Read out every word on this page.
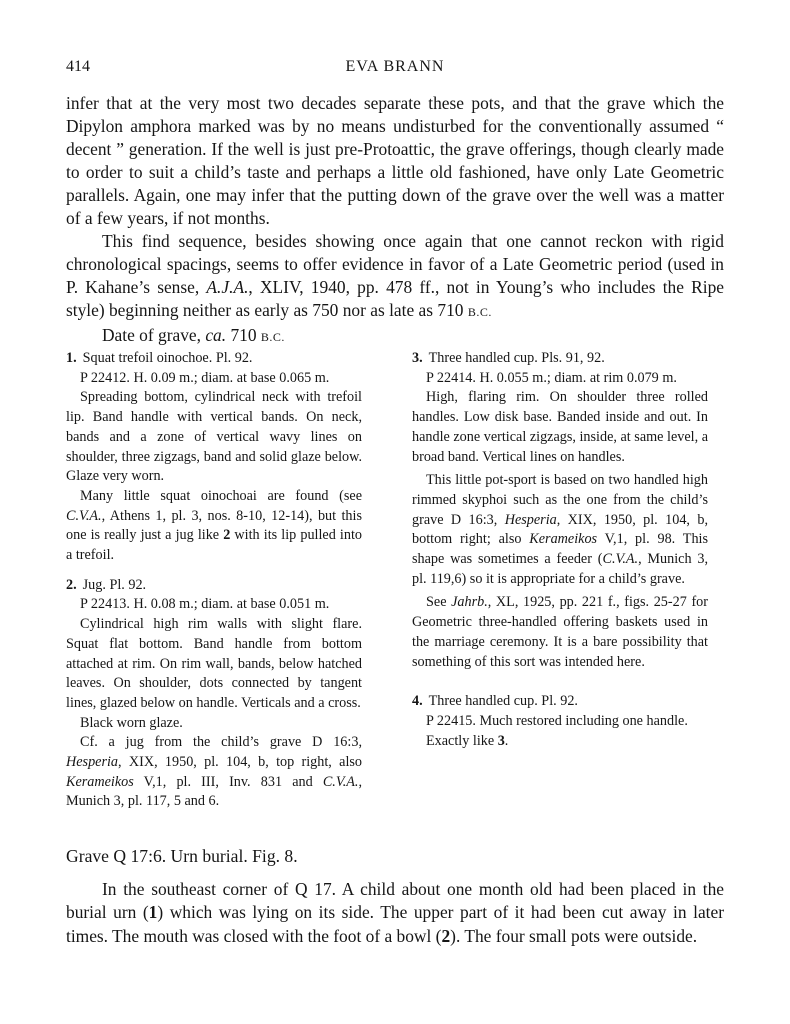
414	EVA BRANN

infer that at the very most two decades separate these pots, and that the grave which the Dipylon amphora marked was by no means undisturbed for the conventionally assumed “ decent ” generation. If the well is just pre-Protoattic, the grave offerings, though clearly made to order to suit a child’s taste and perhaps a little old fashioned, have only Late Geometric parallels. Again, one may infer that the putting down of the grave over the well was a matter of a few years, if not months.

This find sequence, besides showing once again that one cannot reckon with rigid chronological spacings, seems to offer evidence in favor of a Late Geometric period (used in P. Kahane’s sense, A.J.A., XLIV, 1940, pp. 478 ff., not in Young’s who includes the Ripe style) beginning neither as early as 750 nor as late as 710 B.C.

Date of grave, ca. 710 B.C.

1. Squat trefoil oinochoe. Pl. 92.

P 22412. H. 0.09 m.; diam. at base 0.065 m.

Spreading bottom, cylindrical neck with trefoil lip. Band handle with vertical bands. On neck, bands and a zone of vertical wavy lines on shoulder, three zigzags, band and solid glaze below. Glaze very worn.

Many little squat oinochoai are found (see C.V.A., Athens 1, pl. 3, nos. 8-10, 12-14), but this one is really just a jug like 2 with its lip pulled into a trefoil.

2. Jug. Pl. 92.

P 22413. H. 0.08 m.; diam. at base 0.051 m.

Cylindrical high rim walls with slight flare. Squat flat bottom. Band handle from bottom attached at rim. On rim wall, bands, below hatched leaves. On shoulder, dots connected by tangent lines, glazed below on handle. Verticals and a cross.

Black worn glaze.

Cf. a jug from the child’s grave D 16:3, Hesperia, XIX, 1950, pl. 104, b, top right, also Kerameikos V,1, pl. III, Inv. 831 and C.V.A., Munich 3, pl. 117, 5 and 6.

3. Three handled cup. Pls. 91, 92.

P 22414. H. 0.055 m.; diam. at rim 0.079 m.

High, flaring rim. On shoulder three rolled handles. Low disk base. Banded inside and out. In handle zone vertical zigzags, inside, at same level, a broad band. Vertical lines on handles.

This little pot-sport is based on two handled high rimmed skyphoi such as the one from the child’s grave D 16:3, Hesperia, XIX, 1950, pl. 104, b, bottom right; also Kerameikos V,1, pl. 98. This shape was sometimes a feeder (C.V.A., Munich 3, pl. 119,6) so it is appropriate for a child’s grave.

See Jahrb., XL, 1925, pp. 221 f., figs. 25-27 for Geometric three-handled offering baskets used in the marriage ceremony. It is a bare possibility that something of this sort was intended here.

4. Three handled cup. Pl. 92.

P 22415. Much restored including one handle.

Exactly like 3.

Grave Q 17:6. Urn burial. Fig. 8.

In the southeast corner of Q 17. A child about one month old had been placed in the burial urn (1) which was lying on its side. The upper part of it had been cut away in later times. The mouth was closed with the foot of a bowl (2). The four small pots were outside.
